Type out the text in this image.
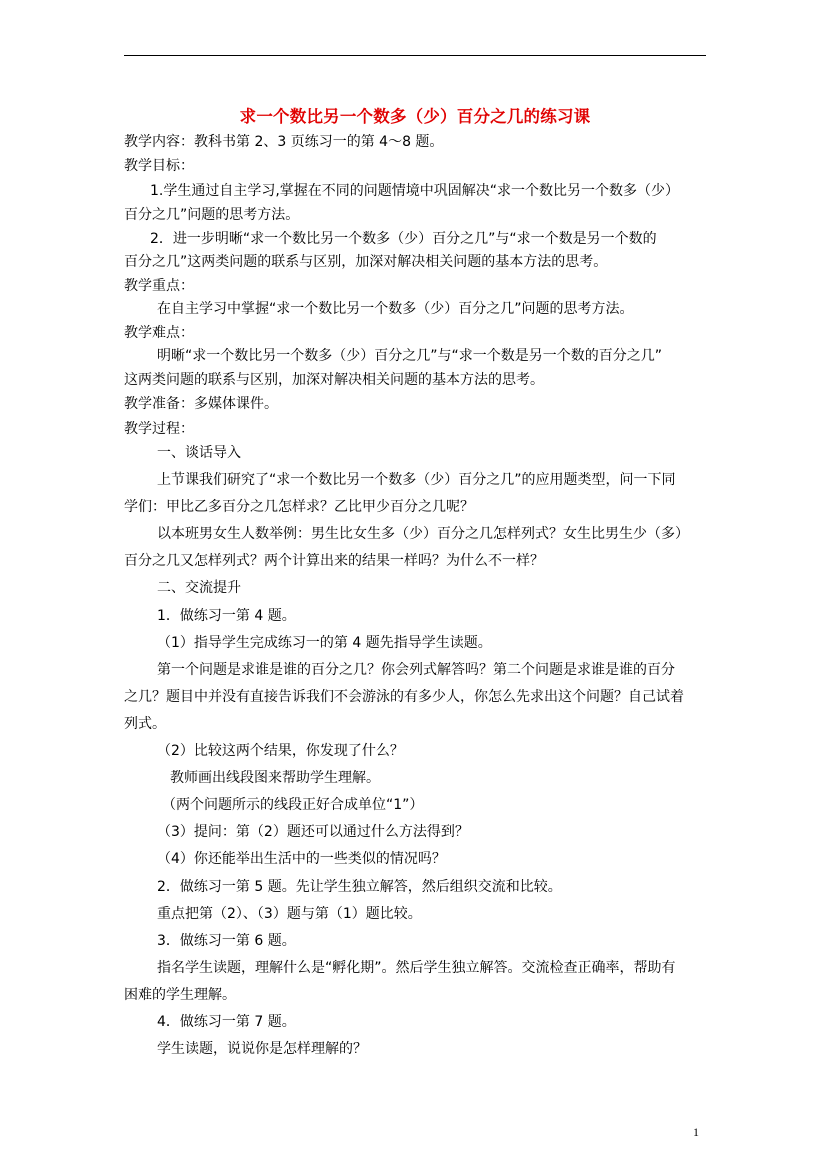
求一个数比另一个数多（少）百分之几的练习课
教学内容：教科书第 2、3 页练习一的第 4～8 题。
教学目标：
1.学生通过自主学习,掌握在不同的问题情境中巩固解决“求一个数比另一个数多（少）
百分之几”问题的思考方法。
2．进一步明晰“求一个数比另一个数多（少）百分之几”与“求一个数是另一个数的
百分之几”这两类问题的联系与区别，加深对解决相关问题的基本方法的思考。
教学重点：
在自主学习中掌握“求一个数比另一个数多（少）百分之几”问题的思考方法。
教学难点：
明晰“求一个数比另一个数多（少）百分之几”与“求一个数是另一个数的百分之几”
这两类问题的联系与区别，加深对解决相关问题的基本方法的思考。
教学准备：多媒体课件。
教学过程：
一、谈话导入
上节课我们研究了“求一个数比另一个数多（少）百分之几”的应用题类型，问一下同
学们：甲比乙多百分之几怎样求？乙比甲少百分之几呢？
以本班男女生人数举例：男生比女生多（少）百分之几怎样列式？女生比男生少（多）
百分之几又怎样列式？两个计算出来的结果一样吗？为什么不一样？
二、交流提升
1．做练习一第 4 题。
（1）指导学生完成练习一的第 4 题先指导学生读题。
第一个问题是求谁是谁的百分之几？你会列式解答吗？第二个问题是求谁是谁的百分
之几？题目中并没有直接告诉我们不会游泳的有多少人，你怎么先求出这个问题？自己试着
列式。
（2）比较这两个结果，你发现了什么？
教师画出线段图来帮助学生理解。
（两个问题所示的线段正好合成单位“1”）
（3）提问：第（2）题还可以通过什么方法得到？
（4）你还能举出生活中的一些类似的情况吗？
2．做练习一第 5 题。先让学生独立解答，然后组织交流和比较。
重点把第（2）、（3）题与第（1）题比较。
3．做练习一第 6 题。
指名学生读题，理解什么是“孵化期”。然后学生独立解答。交流检查正确率，帮助有
困难的学生理解。
4．做练习一第 7 题。
学生读题，说说你是怎样理解的？
1
